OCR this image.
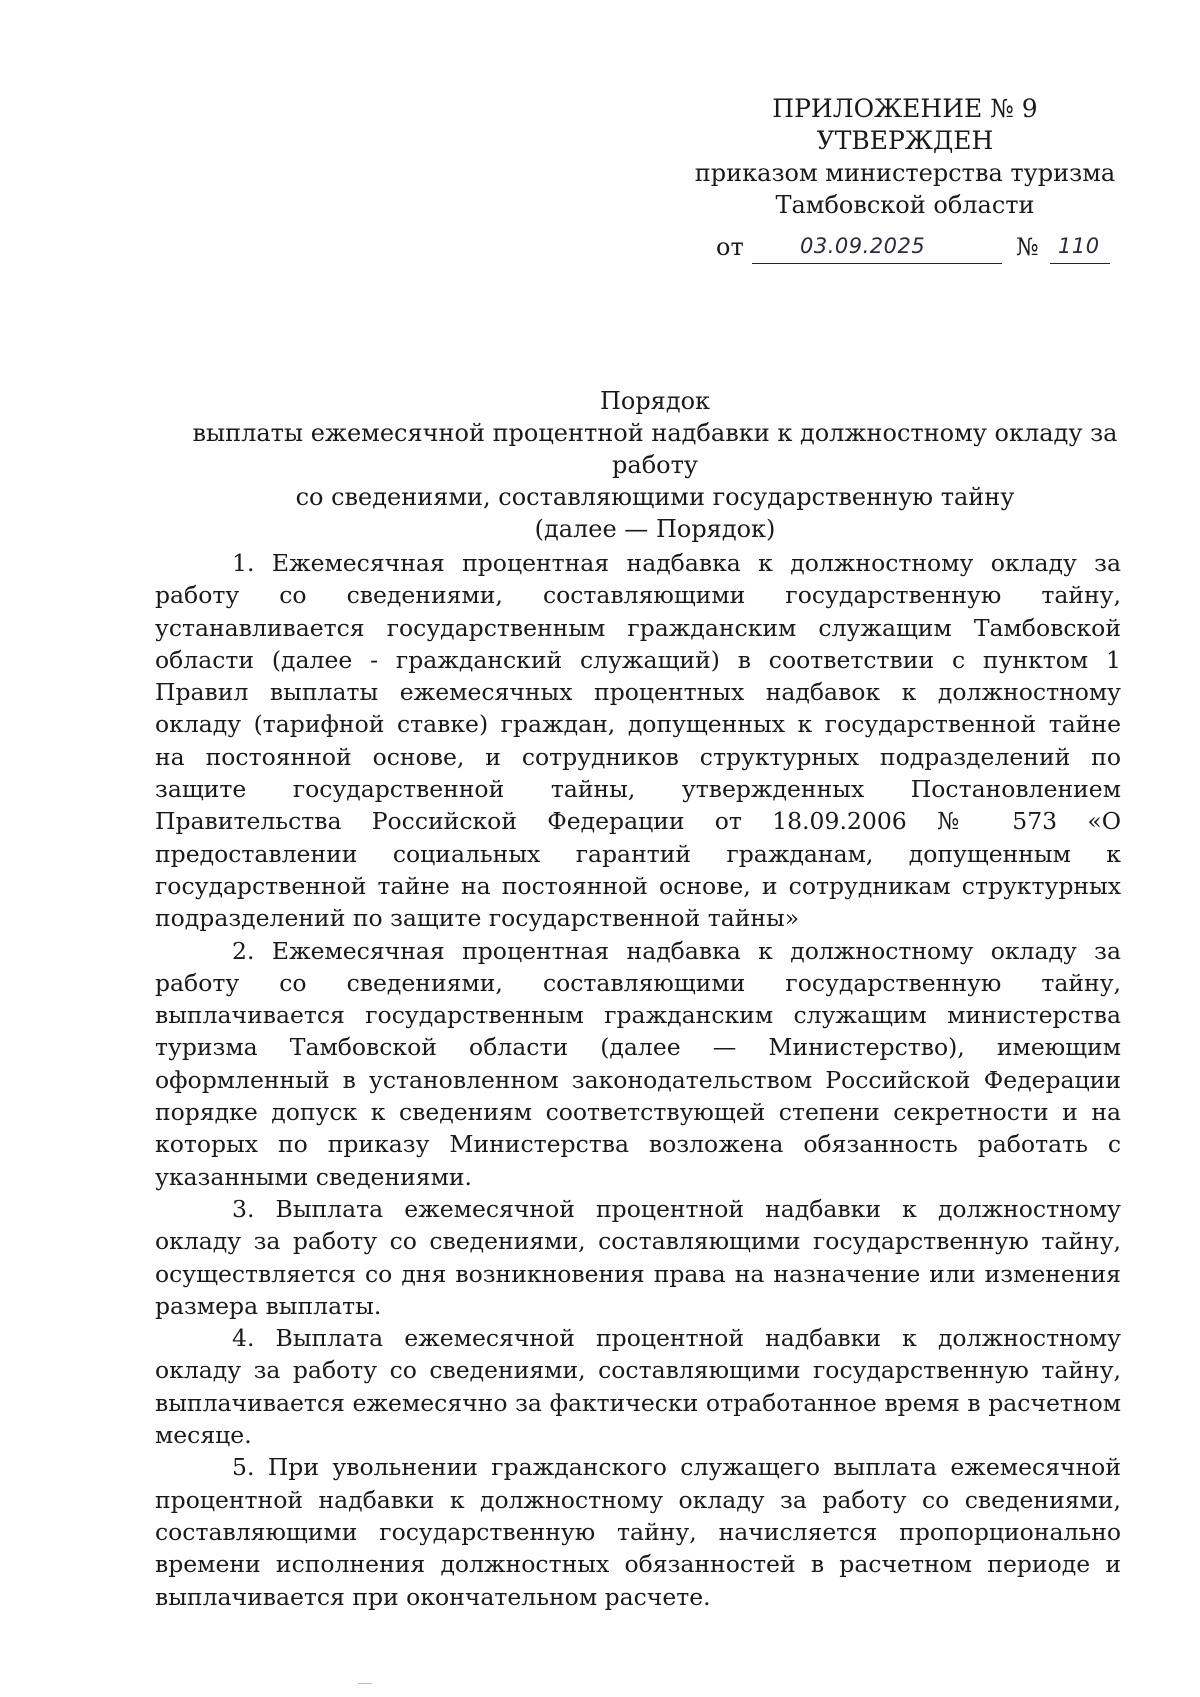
ПРИЛОЖЕНИЕ № 9
УТВЕРЖДЕН
приказом министерства туризма
Тамбовской области
от	03.09.2025	№ 110
Порядок
выплаты ежемесячной процентной надбавки к должностному окладу за работу
со сведениями, составляющими государственную тайну
(далее — Порядок)

1. Ежемесячная процентная надбавка к должностному окладу за работу со сведениями, составляющими государственную тайну, устанавливается государственным гражданским служащим Тамбовской области (далее - гражданский служащий) в соответствии с пунктом 1 Правил выплаты ежемесячных процентных надбавок к должностному окладу (тарифной ставке) граждан, допущенных к государственной тайне на постоянной основе, и сотрудников структурных подразделений по защите государственной тайны, утвержденных Постановлением Правительства Российской Федерации от 18.09.2006 № 573 «О предоставлении социальных гарантий гражданам, допущенным к государственной тайне на постоянной основе, и сотрудникам структурных подразделений по защите государственной тайны»

2. Ежемесячная процентная надбавка к должностному окладу за работу со сведениями, составляющими государственную тайну, выплачивается государственным гражданским служащим министерства туризма Тамбовской области (далее — Министерство), имеющим оформленный в установленном законодательством Российской Федерации порядке допуск к сведениям соответствующей степени секретности и на которых по приказу Министерства возложена обязанность работать с указанными сведениями.

3. Выплата ежемесячной процентной надбавки к должностному окладу за работу со сведениями, составляющими государственную тайну, осуществляется со дня возникновения права на назначение или изменения размера выплаты.

4. Выплата ежемесячной процентной надбавки к должностному окладу за работу со сведениями, составляющими государственную тайну, выплачивается ежемесячно за фактически отработанное время в расчетном месяце.

5. При увольнении гражданского служащего выплата ежемесячной процентной надбавки к должностному окладу за работу со сведениями, составляющими государственную тайну, начисляется пропорционально времени исполнения должностных обязанностей в расчетном периоде и выплачивается при окончательном расчете.
